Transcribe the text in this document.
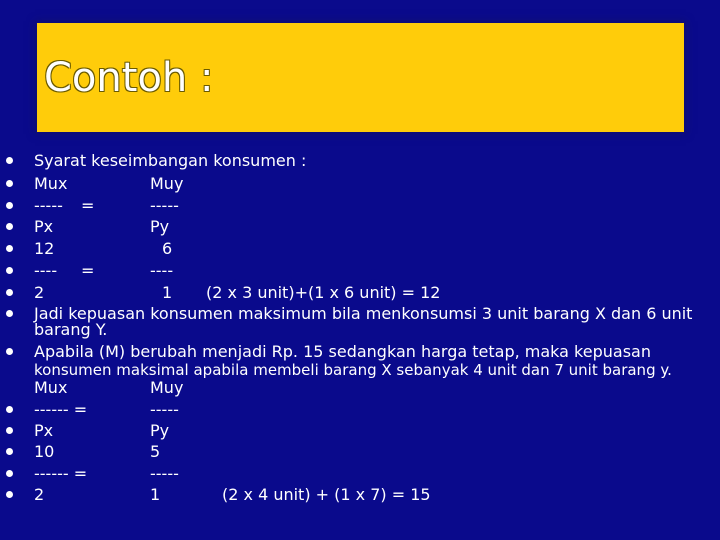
Contoh :
Syarat keseimbangan konsumen :
Mux	Muy
----- =	-----
Px	Py
12	6
---- =	----
2	1 (2 x 3 unit)+(1 x 6 unit) = 12
Jadi kepuasan konsumen maksimum bila menkonsumsi 3 unit barang X dan 6 unit
barang Y.
Apabila (M) berubah menjadi Rp. 15 sedangkan harga tetap, maka kepuasan
konsumen maksimal apabila membeli barang X sebanyak 4 unit dan 7 unit barang y.
Mux	Muy
------ =	-----
Px	Py
10	5
------ =	-----
2	1	(2 x 4 unit) + (1 x 7) = 15
